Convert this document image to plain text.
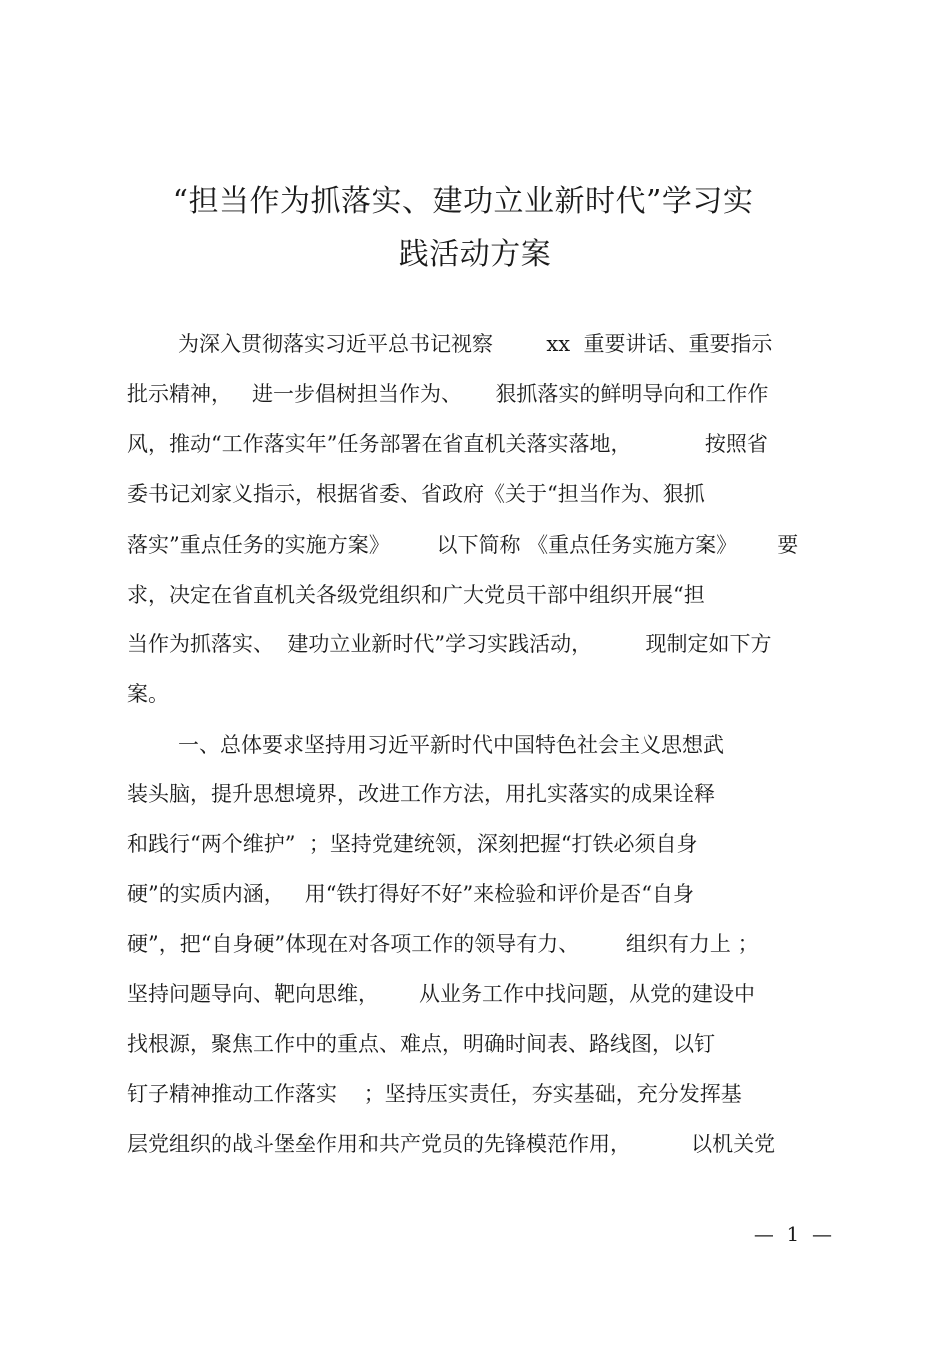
“担当作为抓落实、建功立业新时代”学习实
践活动方案
为深入贯彻落实习近平总书记视察        xx  重要讲话、重要指示
批示精神，   进一步倡树担当作为、     狠抓落实的鲜明导向和工作作
风，推动“工作落实年”任务部署在省直机关落实落地，           按照省
委书记刘家义指示，根据省委、省政府《关于“担当作为、狠抓
落实”重点任务的实施方案》       以下简称 《重点任务实施方案》      要
求，决定在省直机关各级党组织和广大党员干部中组织开展“担
当作为抓落实、  建功立业新时代”学习实践活动，        现制定如下方
案。
一、总体要求坚持用习近平新时代中国特色社会主义思想武
装头脑，提升思想境界，改进工作方法，用扎实落实的成果诠释
和践行“两个维护”  ；坚持党建统领，深刻把握“打铁必须自身
硬”的实质内涵，   用“铁打得好不好”来检验和评价是否“自身
硬”，把“自身硬”体现在对各项工作的领导有力、       组织有力上 ；
坚持问题导向、靶向思维，      从业务工作中找问题，从党的建设中
找根源，聚焦工作中的重点、难点，明确时间表、路线图，以钉
钉子精神推动工作落实    ；坚持压实责任，夯实基础，充分发挥基
层党组织的战斗堡垒作用和共产党员的先锋模范作用，         以机关党
—  1  —
